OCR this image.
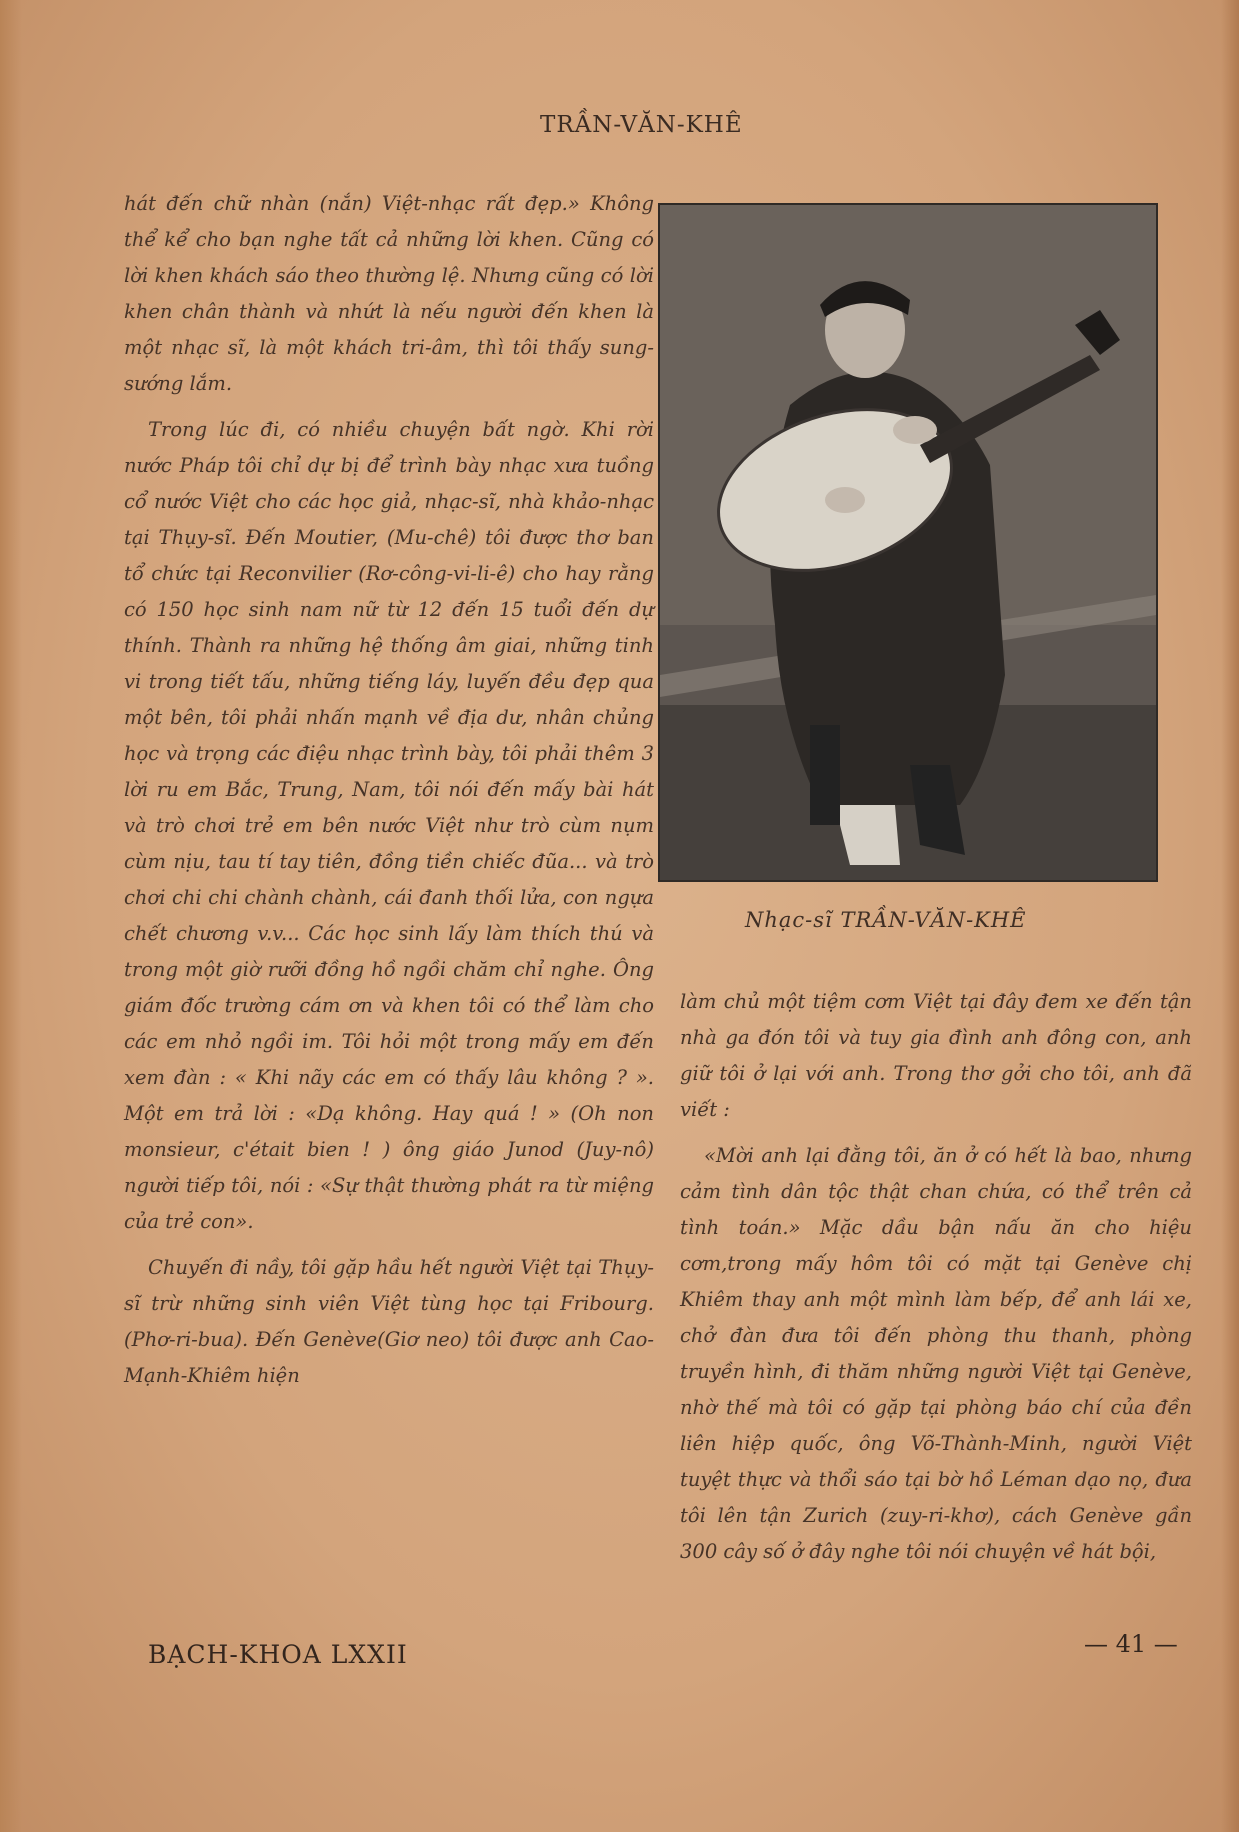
TRẦN-VĂN-KHÊ

hát đến chữ nhàn (nắn) Việt-nhạc rất đẹp.» Không thể kể cho bạn nghe tất cả những lời khen. Cũng có lời khen khách sáo theo thường lệ. Nhưng cũng có lời khen chân thành và nhứt là nếu người đến khen là một nhạc sĩ, là một khách tri-âm, thì tôi thấy sung-sướng lắm.

Trong lúc đi, có nhiều chuyện bất ngờ. Khi rời nước Pháp tôi chỉ dự bị để trình bày nhạc xưa tuồng cổ nước Việt cho các học giả, nhạc-sĩ, nhà khảo-nhạc tại Thụy-sĩ. Đến Moutier, (Mu-chê) tôi được thơ ban tổ chức tại Reconvilier (Rơ-công-vi-li-ê) cho hay rằng có 150 học sinh nam nữ từ 12 đến 15 tuổi đến dự thính. Thành ra những hệ thống âm giai, những tinh vi trong tiết tấu, những tiếng láy, luyến đều đẹp qua một bên, tôi phải nhấn mạnh về địa dư, nhân chủng học và trọng các điệu nhạc trình bày, tôi phải thêm 3 lời ru em Bắc, Trung, Nam, tôi nói đến mấy bài hát và trò chơi trẻ em bên nước Việt như trò cùm nụm cùm nịu, tau tí tay tiên, đồng tiền chiếc đũa... và trò chơi chi chi chành chành, cái đanh thối lửa, con ngựa chết chương v.v... Các học sinh lấy làm thích thú và trong một giờ rưỡi đồng hồ ngồi chăm chỉ nghe. Ông giám đốc trường cám ơn và khen tôi có thể làm cho các em nhỏ ngồi im. Tôi hỏi một trong mấy em đến xem đàn : « Khi nãy các em có thấy lâu không ? ». Một em trả lời : «Dạ không. Hay quá ! » (Oh non monsieur, c'était bien ! ) ông giáo Junod (Juy-nô) người tiếp tôi, nói : «Sự thật thường phát ra từ miệng của trẻ con».

Chuyến đi nầy, tôi gặp hầu hết người Việt tại Thụy-sĩ trừ những sinh viên Việt tùng học tại Fribourg. (Phơ-ri-bua). Đến Genève(Giơ neo) tôi được anh Cao-Mạnh-Khiêm hiện

Nhạc-sĩ TRẦN-VĂN-KHÊ

làm chủ một tiệm cơm Việt tại đây đem xe đến tận nhà ga đón tôi và tuy gia đình anh đông con, anh giữ tôi ở lại với anh. Trong thơ gởi cho tôi, anh đã viết :

«Mời anh lại đằng tôi, ăn ở có hết là bao, nhưng cảm tình dân tộc thật chan chứa, có thể trên cả tình toán.» Mặc dầu bận nấu ăn cho hiệu cơm,trong mấy hôm tôi có mặt tại Genève chị Khiêm thay anh một mình làm bếp, để anh lái xe, chở đàn đưa tôi đến phòng thu thanh, phòng truyền hình, đi thăm những người Việt tại Genève, nhờ thế mà tôi có gặp tại phòng báo chí của đền liên hiệp quốc, ông Võ-Thành-Minh, người Việt tuyệt thực và thổi sáo tại bờ hồ Léman dạo nọ, đưa tôi lên tận Zurich (zuy-ri-khơ), cách Genève gần 300 cây số ở đây nghe tôi nói chuyện về hát bội,

BẠCH-KHOA LXXII	— 41 —
